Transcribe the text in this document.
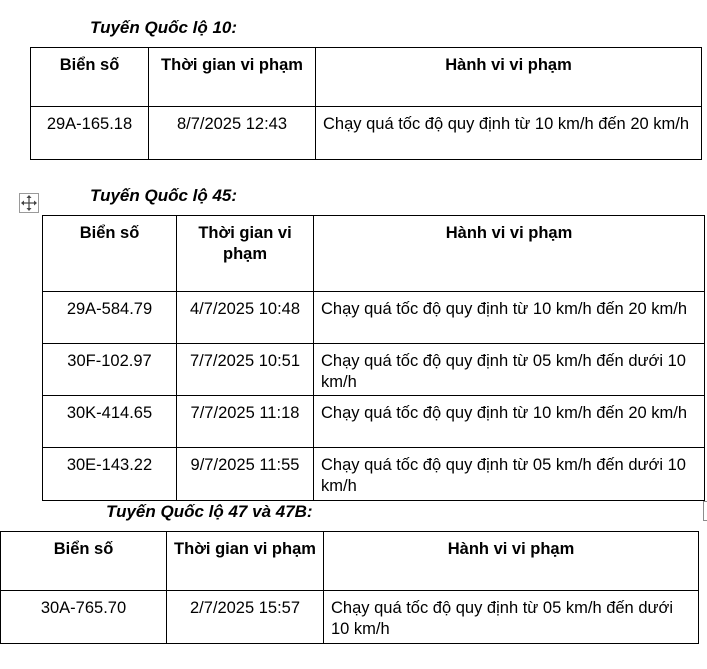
Tuyến Quốc lộ 10:
Biển số	Thời gian vi phạm	Hành vi vi phạm
29A-165.18	8/7/2025 12:43	Chạy quá tốc độ quy định từ 10 km/h đến 20 km/h
Tuyến Quốc lộ 45:
Biển số	Thời gian vi phạm	Hành vi vi phạm
29A-584.79	4/7/2025 10:48	Chạy quá tốc độ quy định từ 10 km/h đến 20 km/h
30F-102.97	7/7/2025 10:51	Chạy quá tốc độ quy định từ 05 km/h đến dưới 10 km/h
30K-414.65	7/7/2025 11:18	Chạy quá tốc độ quy định từ 10 km/h đến 20 km/h
30E-143.22	9/7/2025 11:55	Chạy quá tốc độ quy định từ 05 km/h đến dưới 10 km/h
Tuyến Quốc lộ 47 và 47B:
Biển số	Thời gian vi phạm	Hành vi vi phạm
30A-765.70	2/7/2025 15:57	Chạy quá tốc độ quy định từ 05 km/h đến dưới 10 km/h
